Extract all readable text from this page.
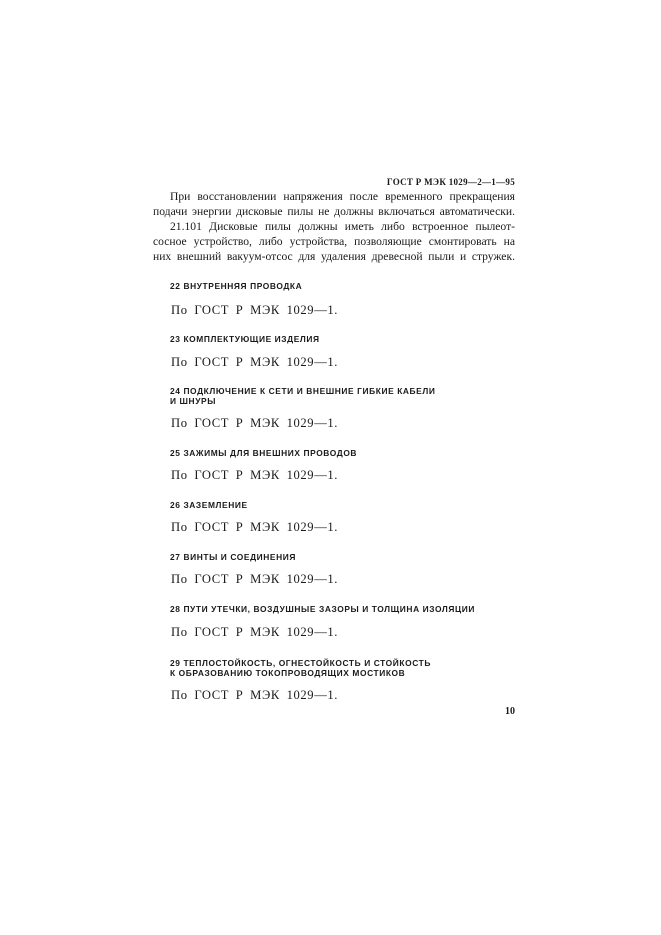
ГОСТ Р МЭК 1029—2—1—95
При восстановлении напряжения после временного прекращения
подачи энергии дисковые пилы не должны включаться автоматически.
21.101 Дисковые пилы должны иметь либо встроенное пылеот-
сосное устройство, либо устройства, позволяющие смонтировать на
них внешний вакуум-отсос для удаления древесной пыли и стружек.
22 ВНУТРЕННЯЯ ПРОВОДКА
По ГОСТ Р МЭК 1029—1.
23 КОМПЛЕКТУЮЩИЕ ИЗДЕЛИЯ
По ГОСТ Р МЭК 1029—1.
24 ПОДКЛЮЧЕНИЕ К СЕТИ И ВНЕШНИЕ ГИБКИЕ КАБЕЛИ
И ШНУРЫ
По ГОСТ Р МЭК 1029—1.
25 ЗАЖИМЫ ДЛЯ ВНЕШНИХ ПРОВОДОВ
По ГОСТ Р МЭК 1029—1.
26 ЗАЗЕМЛЕНИЕ
По ГОСТ Р МЭК 1029—1.
27 ВИНТЫ И СОЕДИНЕНИЯ
По ГОСТ Р МЭК 1029—1.
28 ПУТИ УТЕЧКИ, ВОЗДУШНЫЕ ЗАЗОРЫ И ТОЛЩИНА ИЗОЛЯЦИИ
По ГОСТ Р МЭК 1029—1.
29 ТЕПЛОСТОЙКОСТЬ, ОГНЕСТОЙКОСТЬ И СТОЙКОСТЬ
К ОБРАЗОВАНИЮ ТОКОПРОВОДЯЩИХ МОСТИКОВ
По ГОСТ Р МЭК 1029—1.
10
